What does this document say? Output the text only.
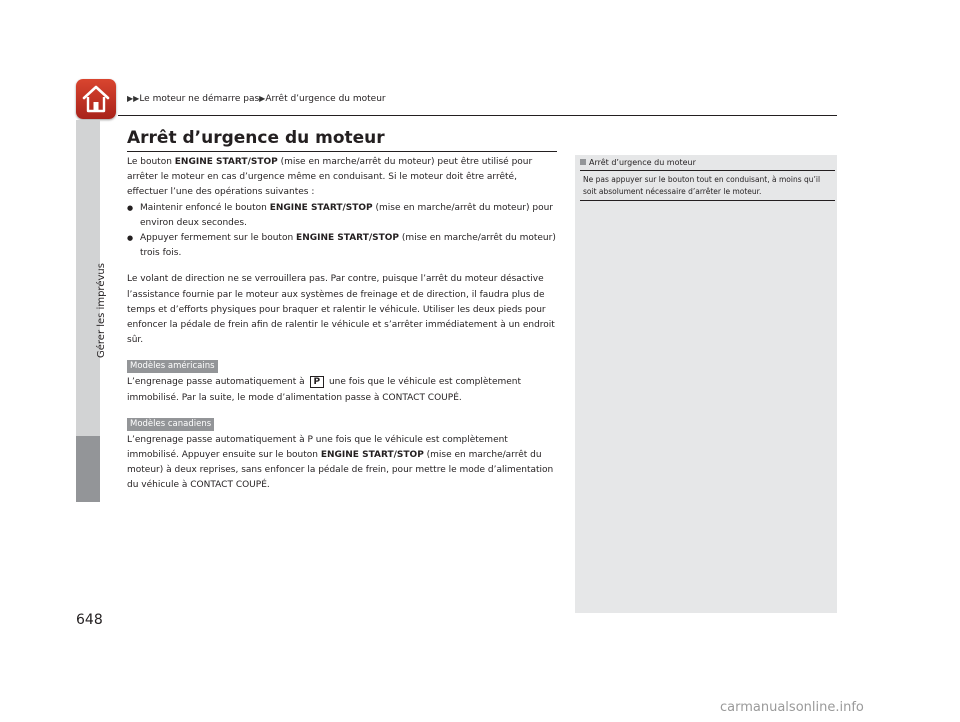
▶▶Le moteur ne démarre pas▶Arrêt d’urgence du moteur
Gérer les imprévus
648
Arrêt d’urgence du moteur

Le bouton ENGINE START/STOP (mise en marche/arrêt du moteur) peut être utilisé pour arrêter le moteur en cas d’urgence même en conduisant. Si le moteur doit être arrêté, effectuer l’une des opérations suivantes :

● Maintenir enfoncé le bouton ENGINE START/STOP (mise en marche/arrêt du moteur) pour environ deux secondes.
● Appuyer fermement sur le bouton ENGINE START/STOP (mise en marche/arrêt du moteur) trois fois.

Le volant de direction ne se verrouillera pas. Par contre, puisque l’arrêt du moteur désactive l’assistance fournie par le moteur aux systèmes de freinage et de direction, il faudra plus de temps et d’efforts physiques pour braquer et ralentir le véhicule. Utiliser les deux pieds pour enfoncer la pédale de frein afin de ralentir le véhicule et s’arrêter immédiatement à un endroit sûr.

Modèles américains

L’engrenage passe automatiquement à P une fois que le véhicule est complètement immobilisé. Par la suite, le mode d’alimentation passe à CONTACT COUPÉ.

Modèles canadiens

L’engrenage passe automatiquement à P une fois que le véhicule est complètement immobilisé. Appuyer ensuite sur le bouton ENGINE START/STOP (mise en marche/arrêt du moteur) à deux reprises, sans enfoncer la pédale de frein, pour mettre le mode d’alimentation du véhicule à CONTACT COUPÉ.

Arrêt d’urgence du moteur
Ne pas appuyer sur le bouton tout en conduisant, à moins qu’il soit absolument nécessaire d’arrêter le moteur.
carmanualsonline.info
